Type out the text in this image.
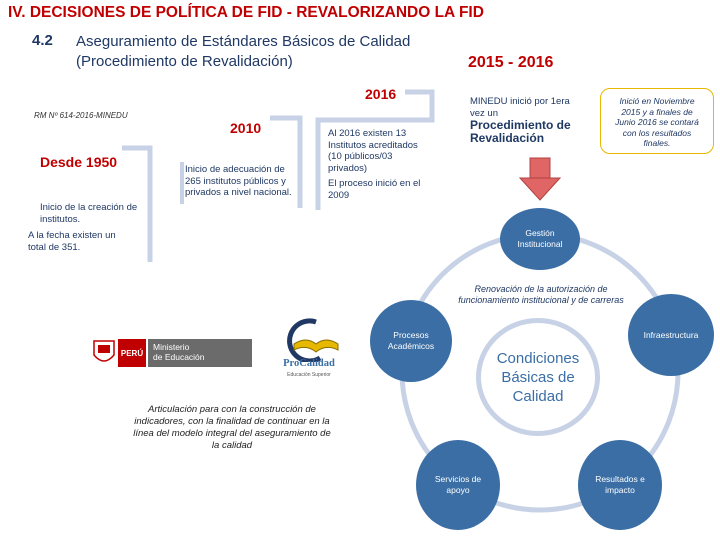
IV. DECISIONES DE POLÍTICA DE FID - REVALORIZANDO LA FID
4.2 Aseguramiento de Estándares Básicos de Calidad
(Procedimiento de Revalidación)	2015 - 2016
RM Nº 614-2016-MINEDU
Desde 1950
Inicio de la creación de
institutos.
A la fecha existen un
total de 351.
2010
Inicio de adecuación de
265 institutos públicos y
privados a nivel nacional.
2016
Al 2016 existen 13
Institutos acreditados
(10 públicos/03
privados)
El proceso inició en el
2009
MINEDU inició por 1era
vez un
Procedimiento de
Revalidación
Inició en Noviembre
2015 y a finales de
Junio 2016 se contará
con los resultados
finales.
Gestión
Institucional
Renovación de la autorización de
funcionamiento institucional y de carreras
Procesos
Académicos
Infraestructura
Condiciones
Básicas de
Calidad
Servicios de
apoyo
Resultados e
impacto
PERÚ
Ministerio
de Educación
ProCalidad
Educación Superior
Articulación para con la construcción de
indicadores, con la finalidad de continuar en la
línea del modelo integral del aseguramiento de
la calidad
